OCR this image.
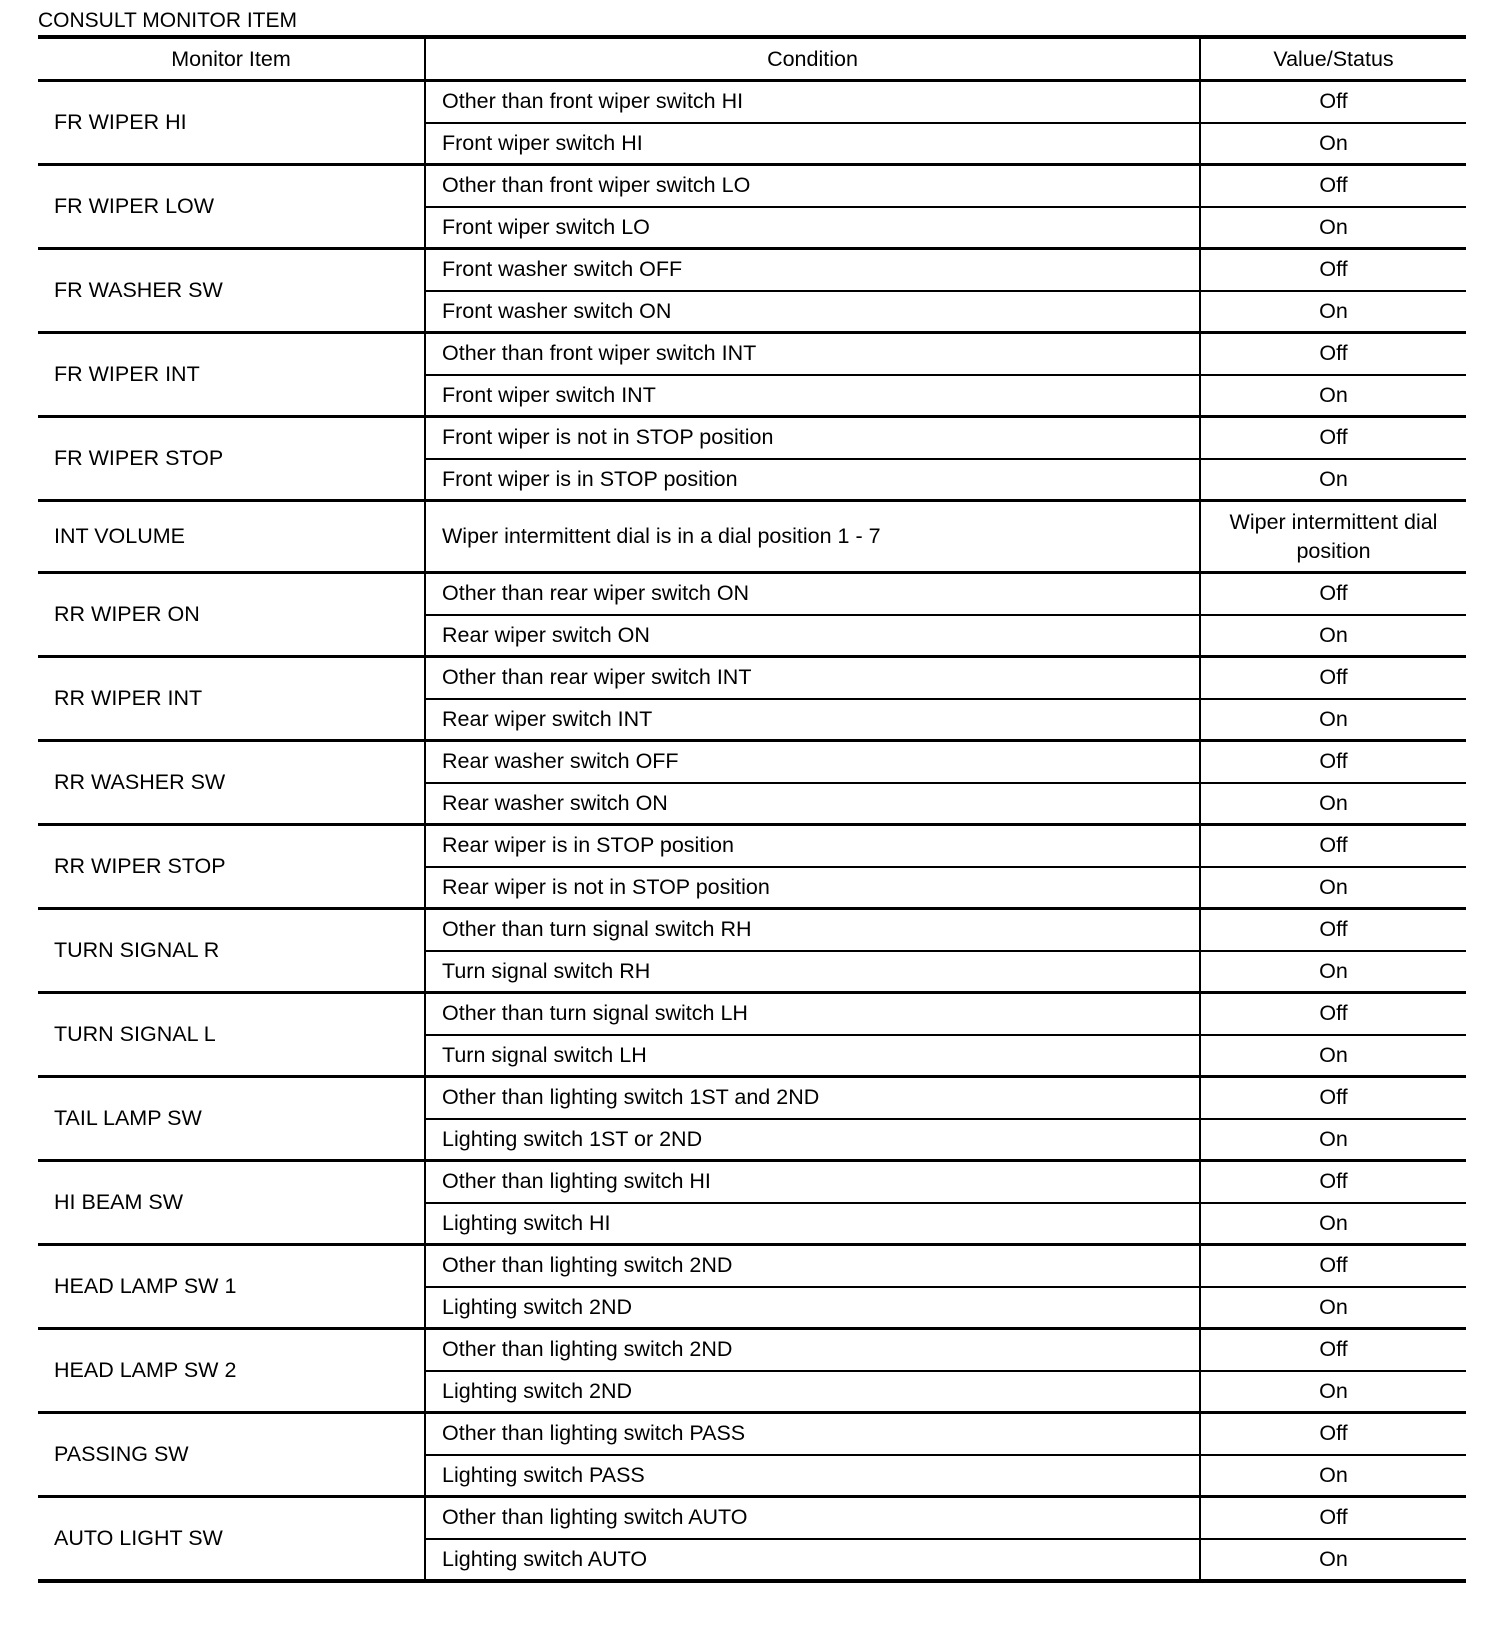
CONSULT MONITOR ITEM
Monitor Item	Condition	Value/Status
FR WIPER HI	Other than front wiper switch HI	Off
	Front wiper switch HI	On
FR WIPER LOW	Other than front wiper switch LO	Off
	Front wiper switch LO	On
FR WASHER SW	Front washer switch OFF	Off
	Front washer switch ON	On
FR WIPER INT	Other than front wiper switch INT	Off
	Front wiper switch INT	On
FR WIPER STOP	Front wiper is not in STOP position	Off
	Front wiper is in STOP position	On
INT VOLUME	Wiper intermittent dial is in a dial position 1 - 7	Wiper intermittent dial position
RR WIPER ON	Other than rear wiper switch ON	Off
	Rear wiper switch ON	On
RR WIPER INT	Other than rear wiper switch INT	Off
	Rear wiper switch INT	On
RR WASHER SW	Rear washer switch OFF	Off
	Rear washer switch ON	On
RR WIPER STOP	Rear wiper is in STOP position	Off
	Rear wiper is not in STOP position	On
TURN SIGNAL R	Other than turn signal switch RH	Off
	Turn signal switch RH	On
TURN SIGNAL L	Other than turn signal switch LH	Off
	Turn signal switch LH	On
TAIL LAMP SW	Other than lighting switch 1ST and 2ND	Off
	Lighting switch 1ST or 2ND	On
HI BEAM SW	Other than lighting switch HI	Off
	Lighting switch HI	On
HEAD LAMP SW 1	Other than lighting switch 2ND	Off
	Lighting switch 2ND	On
HEAD LAMP SW 2	Other than lighting switch 2ND	Off
	Lighting switch 2ND	On
PASSING SW	Other than lighting switch PASS	Off
	Lighting switch PASS	On
AUTO LIGHT SW	Other than lighting switch AUTO	Off
	Lighting switch AUTO	On
